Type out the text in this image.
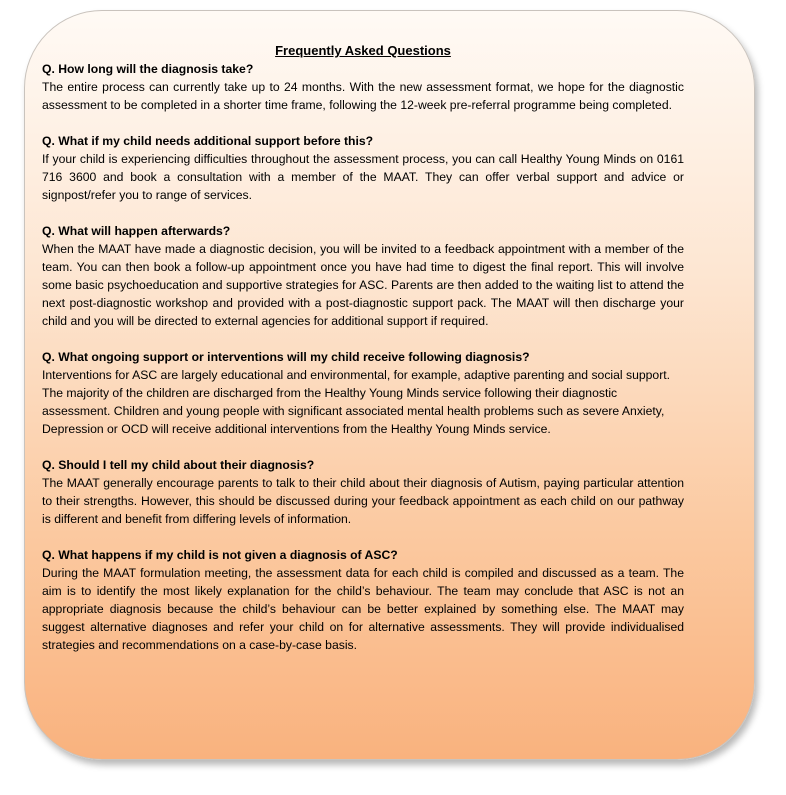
Frequently Asked Questions

Q. How long will the diagnosis take?

The entire process can currently take up to 24 months. With the new assessment format, we hope for the diagnostic assessment to be completed in a shorter time frame, following the 12-week pre-referral programme being completed.

Q. What if my child needs additional support before this?

If your child is experiencing difficulties throughout the assessment process, you can call Healthy Young Minds on 0161 716 3600 and book a consultation with a member of the MAAT. They can offer verbal support and advice or signpost/refer you to range of services.

Q. What will happen afterwards?

When the MAAT have made a diagnostic decision, you will be invited to a feedback appointment with a member of the team. You can then book a follow-up appointment once you have had time to digest the final report. This will involve some basic psychoeducation and supportive strategies for ASC. Parents are then added to the waiting list to attend the next post-diagnostic workshop and provided with a post-diagnostic support pack. The MAAT will then discharge your child and you will be directed to external agencies for additional support if required.

Q. What ongoing support or interventions will my child receive following diagnosis?

Interventions for ASC are largely educational and environmental, for example, adaptive parenting and social support. The majority of the children are discharged from the Healthy Young Minds service following their diagnostic assessment. Children and young people with significant associated mental health problems such as severe Anxiety, Depression or OCD will receive additional interventions from the Healthy Young Minds service.

Q. Should I tell my child about their diagnosis?

The MAAT generally encourage parents to talk to their child about their diagnosis of Autism, paying particular attention to their strengths. However, this should be discussed during your feedback appointment as each child on our pathway is different and benefit from differing levels of information.

Q. What happens if my child is not given a diagnosis of ASC?

During the MAAT formulation meeting, the assessment data for each child is compiled and discussed as a team. The aim is to identify the most likely explanation for the child’s behaviour. The team may conclude that ASC is not an appropriate diagnosis because the child’s behaviour can be better explained by something else. The MAAT may suggest alternative diagnoses and refer your child on for alternative assessments. They will provide individualised strategies and recommendations on a case-by-case basis.
